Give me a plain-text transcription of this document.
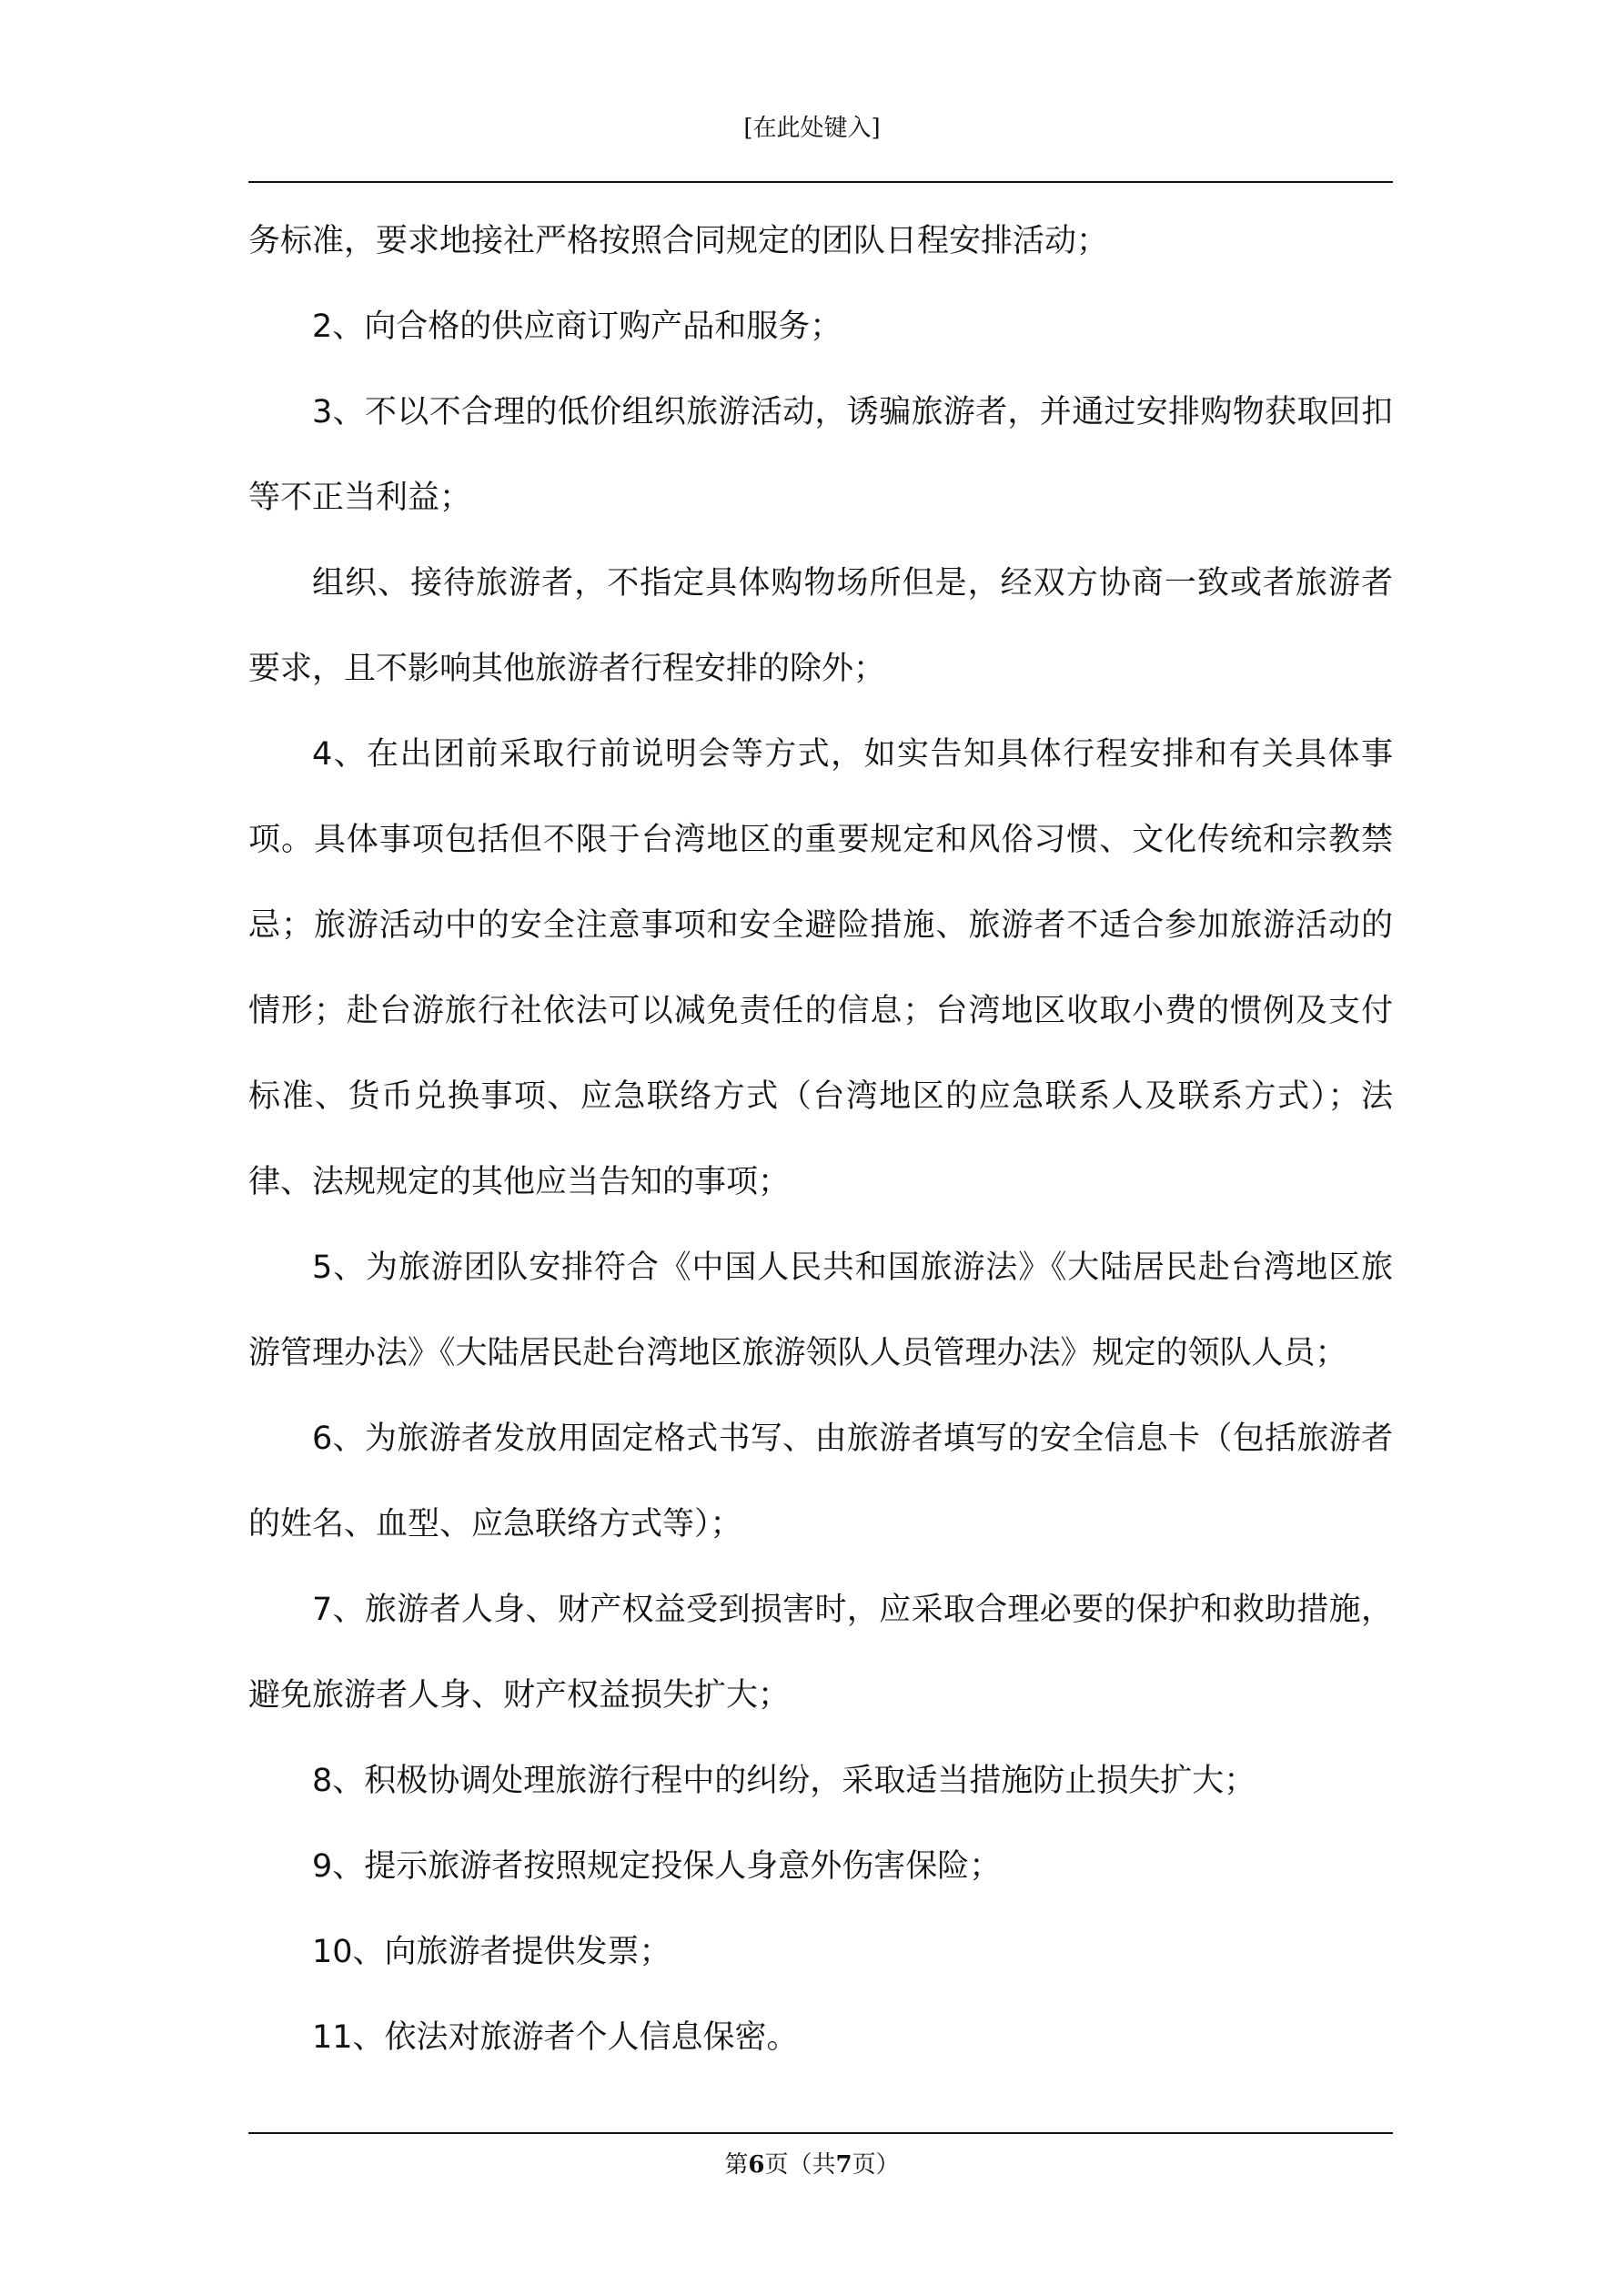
[在此处键入]

务标准，要求地接社严格按照合同规定的团队日程安排活动；

2、向合格的供应商订购产品和服务；

3、不以不合理的低价组织旅游活动，诱骗旅游者，并通过安排购物获取回扣等不正当利益；

组织、接待旅游者，不指定具体购物场所但是，经双方协商一致或者旅游者要求，且不影响其他旅游者行程安排的除外；

4、在出团前采取行前说明会等方式，如实告知具体行程安排和有关具体事项。具体事项包括但不限于台湾地区的重要规定和风俗习惯、文化传统和宗教禁忌；旅游活动中的安全注意事项和安全避险措施、旅游者不适合参加旅游活动的情形；赴台游旅行社依法可以减免责任的信息；台湾地区收取小费的惯例及支付标准、货币兑换事项、应急联络方式（台湾地区的应急联系人及联系方式）；法律、法规规定的其他应当告知的事项；

5、为旅游团队安排符合《中国人民共和国旅游法》《大陆居民赴台湾地区旅游管理办法》《大陆居民赴台湾地区旅游领队人员管理办法》规定的领队人员；

6、为旅游者发放用固定格式书写、由旅游者填写的安全信息卡（包括旅游者的姓名、血型、应急联络方式等）；

7、旅游者人身、财产权益受到损害时，应采取合理必要的保护和救助措施，避免旅游者人身、财产权益损失扩大；

8、积极协调处理旅游行程中的纠纷，采取适当措施防止损失扩大；

9、提示旅游者按照规定投保人身意外伤害保险；

10、向旅游者提供发票；

11、依法对旅游者个人信息保密。

第6页（共7页）
